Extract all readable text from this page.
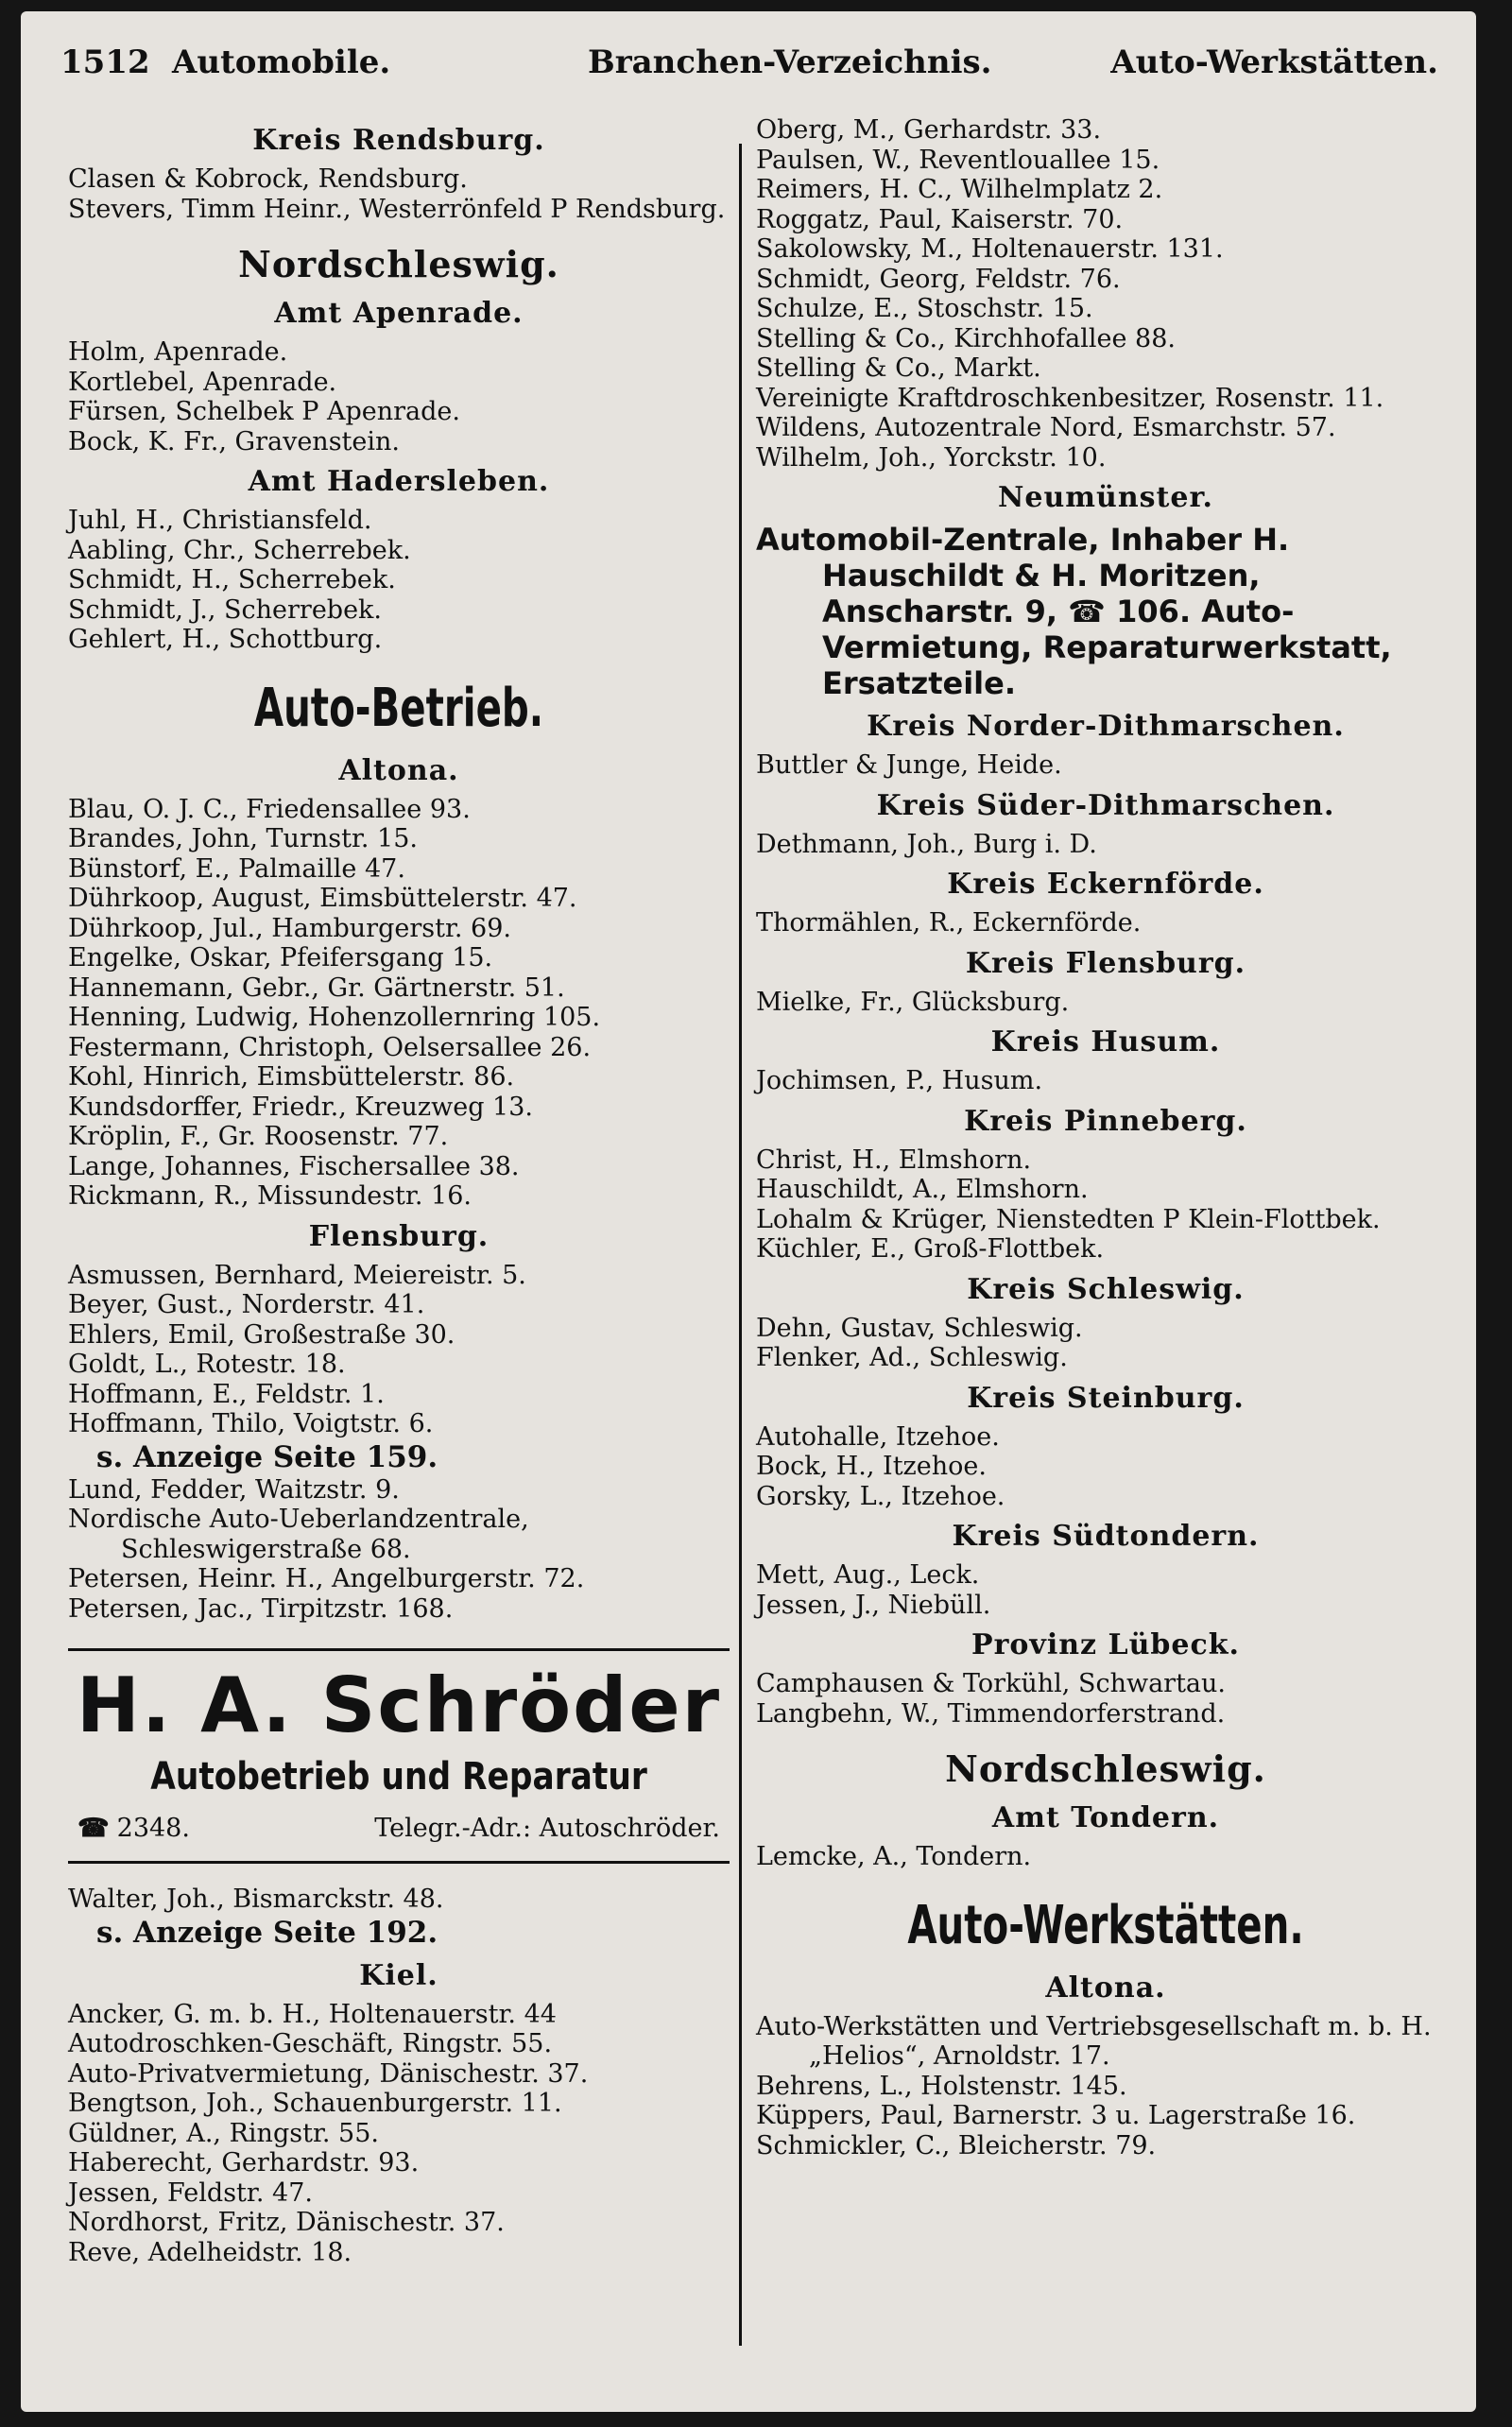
1512 Automobile.	Branchen-Verzeichnis.	Auto-Werkstätten.
Kreis Rendsburg.
Clasen & Kobrock, Rendsburg.
Stevers, Timm Heinr., Westerrönfeld P Rendsburg.
Nordschleswig.
Amt Apenrade.
Holm, Apenrade.
Kortlebel, Apenrade.
Fürsen, Schelbek P Apenrade.
Bock, K. Fr., Gravenstein.
Amt Hadersleben.
Juhl, H., Christiansfeld.
Aabling, Chr., Scherrebek.
Schmidt, H., Scherrebek.
Schmidt, J., Scherrebek.
Gehlert, H., Schottburg.
Auto-Betrieb.
Altona.
Blau, O. J. C., Friedensallee 93.
Brandes, John, Turnstr. 15.
Bünstorf, E., Palmaille 47.
Dührkoop, August, Eimsbüttelerstr. 47.
Dührkoop, Jul., Hamburgerstr. 69.
Engelke, Oskar, Pfeifersgang 15.
Hannemann, Gebr., Gr. Gärtnerstr. 51.
Henning, Ludwig, Hohenzollernring 105.
Festermann, Christoph, Oelsersallee 26.
Kohl, Hinrich, Eimsbüttelerstr. 86.
Kundsdorffer, Friedr., Kreuzweg 13.
Kröplin, F., Gr. Roosenstr. 77.
Lange, Johannes, Fischersallee 38.
Rickmann, R., Missundestr. 16.
Flensburg.
Asmussen, Bernhard, Meiereistr. 5.
Beyer, Gust., Norderstr. 41.
Ehlers, Emil, Großestraße 30.
Goldt, L., Rotestr. 18.
Hoffmann, E., Feldstr. 1.
Hoffmann, Thilo, Voigtstr. 6.
s. Anzeige Seite 159.
Lund, Fedder, Waitzstr. 9.
Nordische Auto-Ueberlandzentrale, Schleswigerstraße 68.
Petersen, Heinr. H., Angelburgerstr. 72.
Petersen, Jac., Tirpitzstr. 168.
H. A. Schröder
Autobetrieb und Reparatur
☎ 2348.	Telegr.-Adr.: Autoschröder.
Walter, Joh., Bismarckstr. 48.
s. Anzeige Seite 192.
Kiel.
Ancker, G. m. b. H., Holtenauerstr. 44
Autodroschken-Geschäft, Ringstr. 55.
Auto-Privatvermietung, Dänischestr. 37.
Bengtson, Joh., Schauenburgerstr. 11.
Güldner, A., Ringstr. 55.
Haberecht, Gerhardstr. 93.
Jessen, Feldstr. 47.
Nordhorst, Fritz, Dänischestr. 37.
Reve, Adelheidstr. 18.
Oberg, M., Gerhardstr. 33.
Paulsen, W., Reventlouallee 15.
Reimers, H. C., Wilhelmplatz 2.
Roggatz, Paul, Kaiserstr. 70.
Sakolowsky, M., Holtenauerstr. 131.
Schmidt, Georg, Feldstr. 76.
Schulze, E., Stoschstr. 15.
Stelling & Co., Kirchhofallee 88.
Stelling & Co., Markt.
Vereinigte Kraftdroschkenbesitzer, Rosenstr. 11.
Wildens, Autozentrale Nord, Esmarchstr. 57.
Wilhelm, Joh., Yorckstr. 10.
Neumünster.
Automobil-Zentrale, Inhaber H. Hauschildt & H. Moritzen, Anscharstr. 9, ☎ 106. Auto-Vermietung, Reparaturwerkstatt, Ersatzteile.
Kreis Norder-Dithmarschen.
Buttler & Junge, Heide.
Kreis Süder-Dithmarschen.
Dethmann, Joh., Burg i. D.
Kreis Eckernförde.
Thormählen, R., Eckernförde.
Kreis Flensburg.
Mielke, Fr., Glücksburg.
Kreis Husum.
Jochimsen, P., Husum.
Kreis Pinneberg.
Christ, H., Elmshorn.
Hauschildt, A., Elmshorn.
Lohalm & Krüger, Nienstedten P Klein-Flottbek.
Küchler, E., Groß-Flottbek.
Kreis Schleswig.
Dehn, Gustav, Schleswig.
Flenker, Ad., Schleswig.
Kreis Steinburg.
Autohalle, Itzehoe.
Bock, H., Itzehoe.
Gorsky, L., Itzehoe.
Kreis Südtondern.
Mett, Aug., Leck.
Jessen, J., Niebüll.
Provinz Lübeck.
Camphausen & Torkühl, Schwartau.
Langbehn, W., Timmendorferstrand.
Nordschleswig.
Amt Tondern.
Lemcke, A., Tondern.
Auto-Werkstätten.
Altona.
Auto-Werkstätten und Vertriebsgesellschaft m. b. H. „Helios“, Arnoldstr. 17.
Behrens, L., Holstenstr. 145.
Küppers, Paul, Barnerstr. 3 u. Lagerstraße 16.
Schmickler, C., Bleicherstr. 79.
